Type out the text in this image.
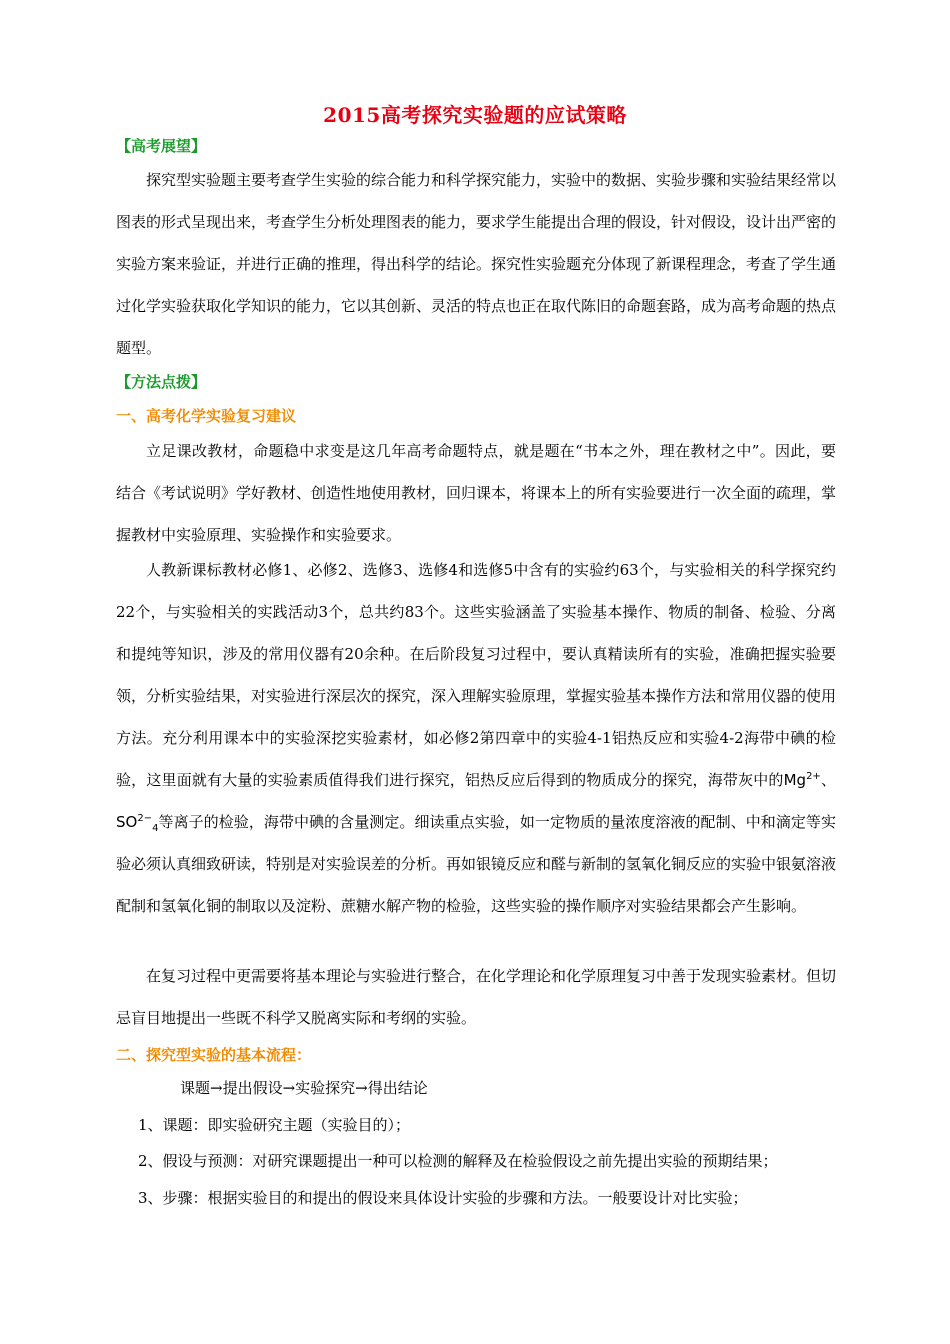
2015高考探究实验题的应试策略
【高考展望】
探究型实验题主要考查学生实验的综合能力和科学探究能力，实验中的数据、实验步骤和实验结果经常以图表的形式呈现出来，考查学生分析处理图表的能力，要求学生能提出合理的假设，针对假设，设计出严密的实验方案来验证，并进行正确的推理，得出科学的结论。探究性实验题充分体现了新课程理念，考查了学生通过化学实验获取化学知识的能力，它以其创新、灵活的特点也正在取代陈旧的命题套路，成为高考命题的热点题型。
【方法点拨】
一、高考化学实验复习建议
立足课改教材，命题稳中求变是这几年高考命题特点，就是题在“书本之外，理在教材之中”。因此，要结合《考试说明》学好教材、创造性地使用教材，回归课本，将课本上的所有实验要进行一次全面的疏理，掌握教材中实验原理、实验操作和实验要求。
人教新课标教材必修1、必修2、选修3、选修4和选修5中含有的实验约63个，与实验相关的科学探究约22个，与实验相关的实践活动3个，总共约83个。这些实验涵盖了实验基本操作、物质的制备、检验、分离和提纯等知识，涉及的常用仪器有20余种。在后阶段复习过程中，要认真精读所有的实验，准确把握实验要领，分析实验结果，对实验进行深层次的探究，深入理解实验原理，掌握实验基本操作方法和常用仪器的使用方法。充分利用课本中的实验深挖实验素材，如必修2第四章中的实验4-1铝热反应和实验4-2海带中碘的检验，这里面就有大量的实验素质值得我们进行探究，铝热反应后得到的物质成分的探究，海带灰中的$Mg^{2+}$、$SO^{2-}_4$等离子的检验，海带中碘的含量测定。细读重点实验，如一定物质的量浓度溶液的配制、中和滴定等实验必须认真细致研读，特别是对实验误差的分析。再如银镜反应和醛与新制的氢氧化铜反应的实验中银氨溶液配制和氢氧化铜的制取以及淀粉、蔗糖水解产物的检验，这些实验的操作顺序对实验结果都会产生影响。
在复习过程中更需要将基本理论与实验进行整合，在化学理论和化学原理复习中善于发现实验素材。但切忌盲目地提出一些既不科学又脱离实际和考纲的实验。
二、探究型实验的基本流程：
课题→提出假设→实验探究→得出结论
1、课题：即实验研究主题（实验目的）；
2、假设与预测：对研究课题提出一种可以检测的解释及在检验假设之前先提出实验的预期结果；
3、步骤：根据实验目的和提出的假设来具体设计实验的步骤和方法。一般要设计对比实验；
